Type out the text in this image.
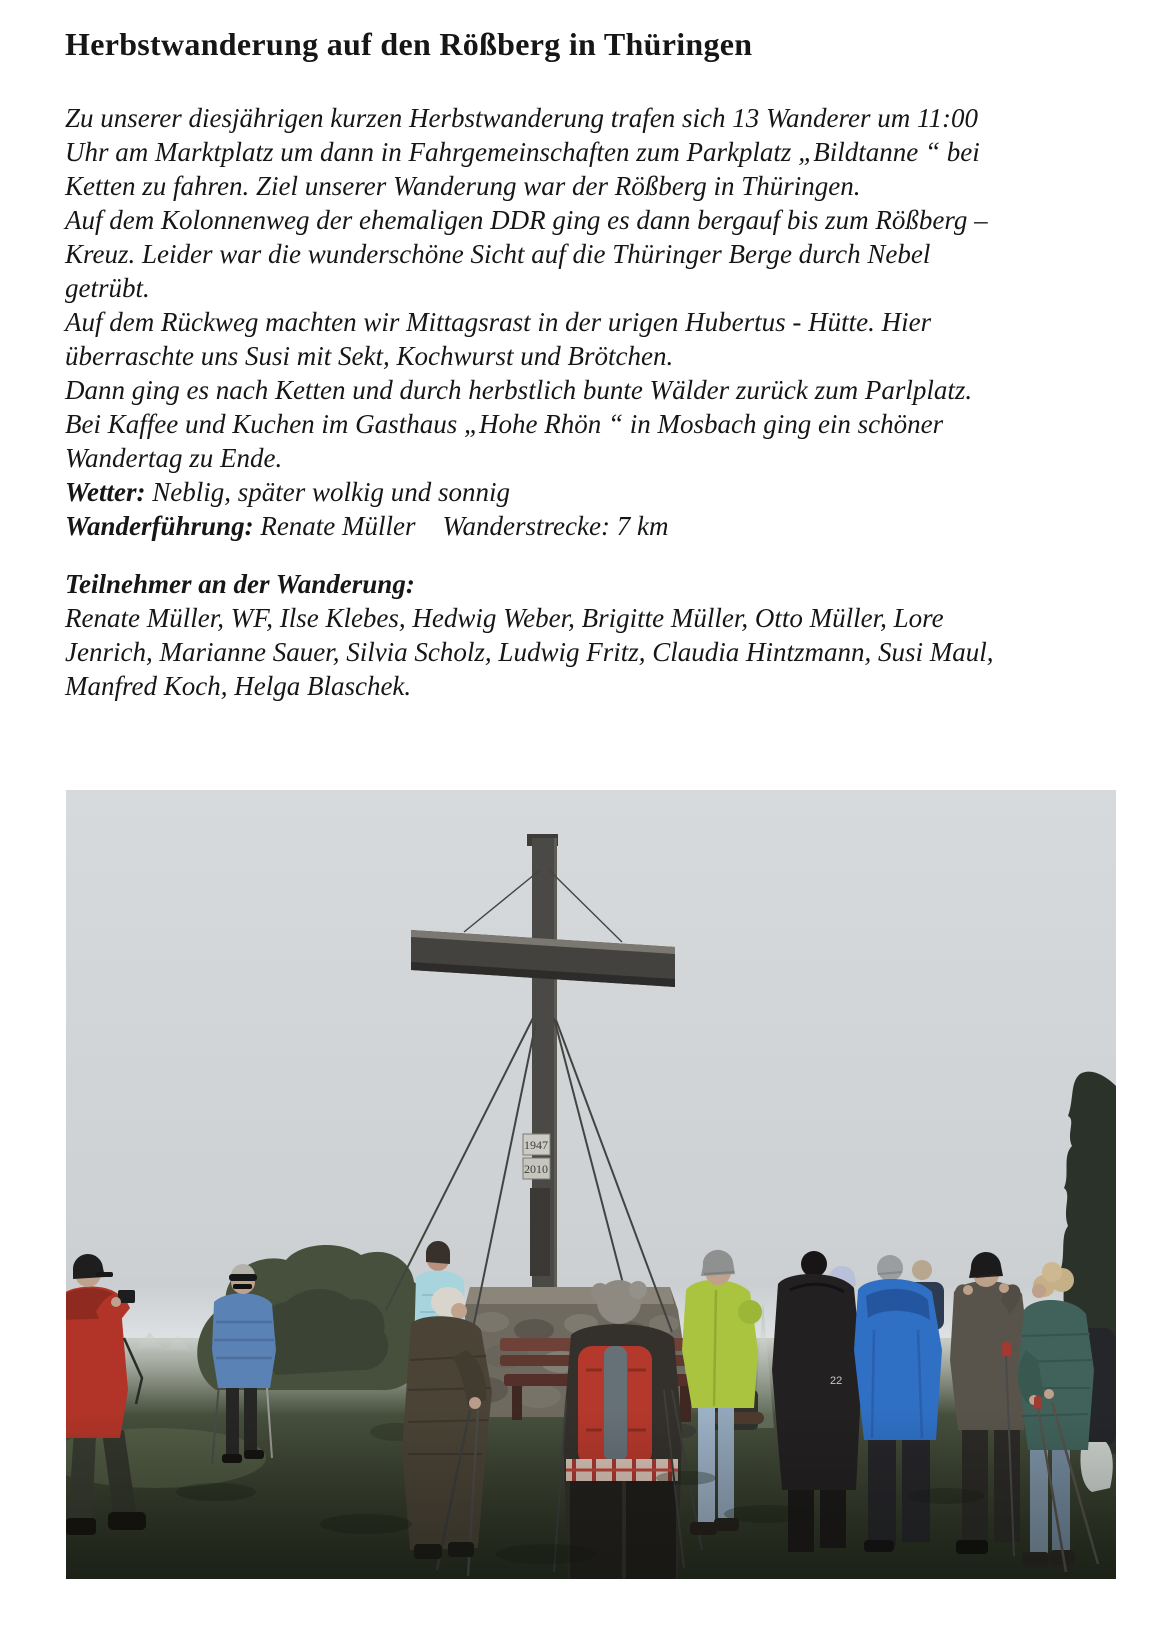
Herbstwanderung auf den Rößberg in Thüringen
Zu unserer diesjährigen kurzen Herbstwanderung trafen sich 13 Wanderer um 11:00
Uhr am Marktplatz um dann in Fahrgemeinschaften zum Parkplatz „Bildtanne “ bei
Ketten zu fahren. Ziel unserer Wanderung war der Rößberg in Thüringen.
Auf dem Kolonnenweg der ehemaligen DDR ging es dann bergauf bis zum Rößberg –
Kreuz. Leider war die wunderschöne Sicht auf die Thüringer Berge durch Nebel
getrübt.
Auf dem Rückweg machten wir Mittagsrast in der urigen Hubertus - Hütte. Hier
überraschte uns Susi mit Sekt, Kochwurst und Brötchen.
Dann ging es nach Ketten und durch herbstlich bunte Wälder zurück zum Parlplatz.
Bei Kaffee und Kuchen im Gasthaus „Hohe Rhön “ in Mosbach ging ein schöner
Wandertag zu Ende.
Wetter: Neblig, später wolkig und sonnig
Wanderführung: Renate Müller    Wanderstrecke: 7 km
Teilnehmer an der Wanderung:
Renate Müller, WF, Ilse Klebes, Hedwig Weber, Brigitte Müller, Otto Müller, Lore
Jenrich, Marianne Sauer, Silvia Scholz, Ludwig Fritz, Claudia Hintzmann, Susi Maul,
Manfred Koch, Helga Blaschek.
1947
2010
22
